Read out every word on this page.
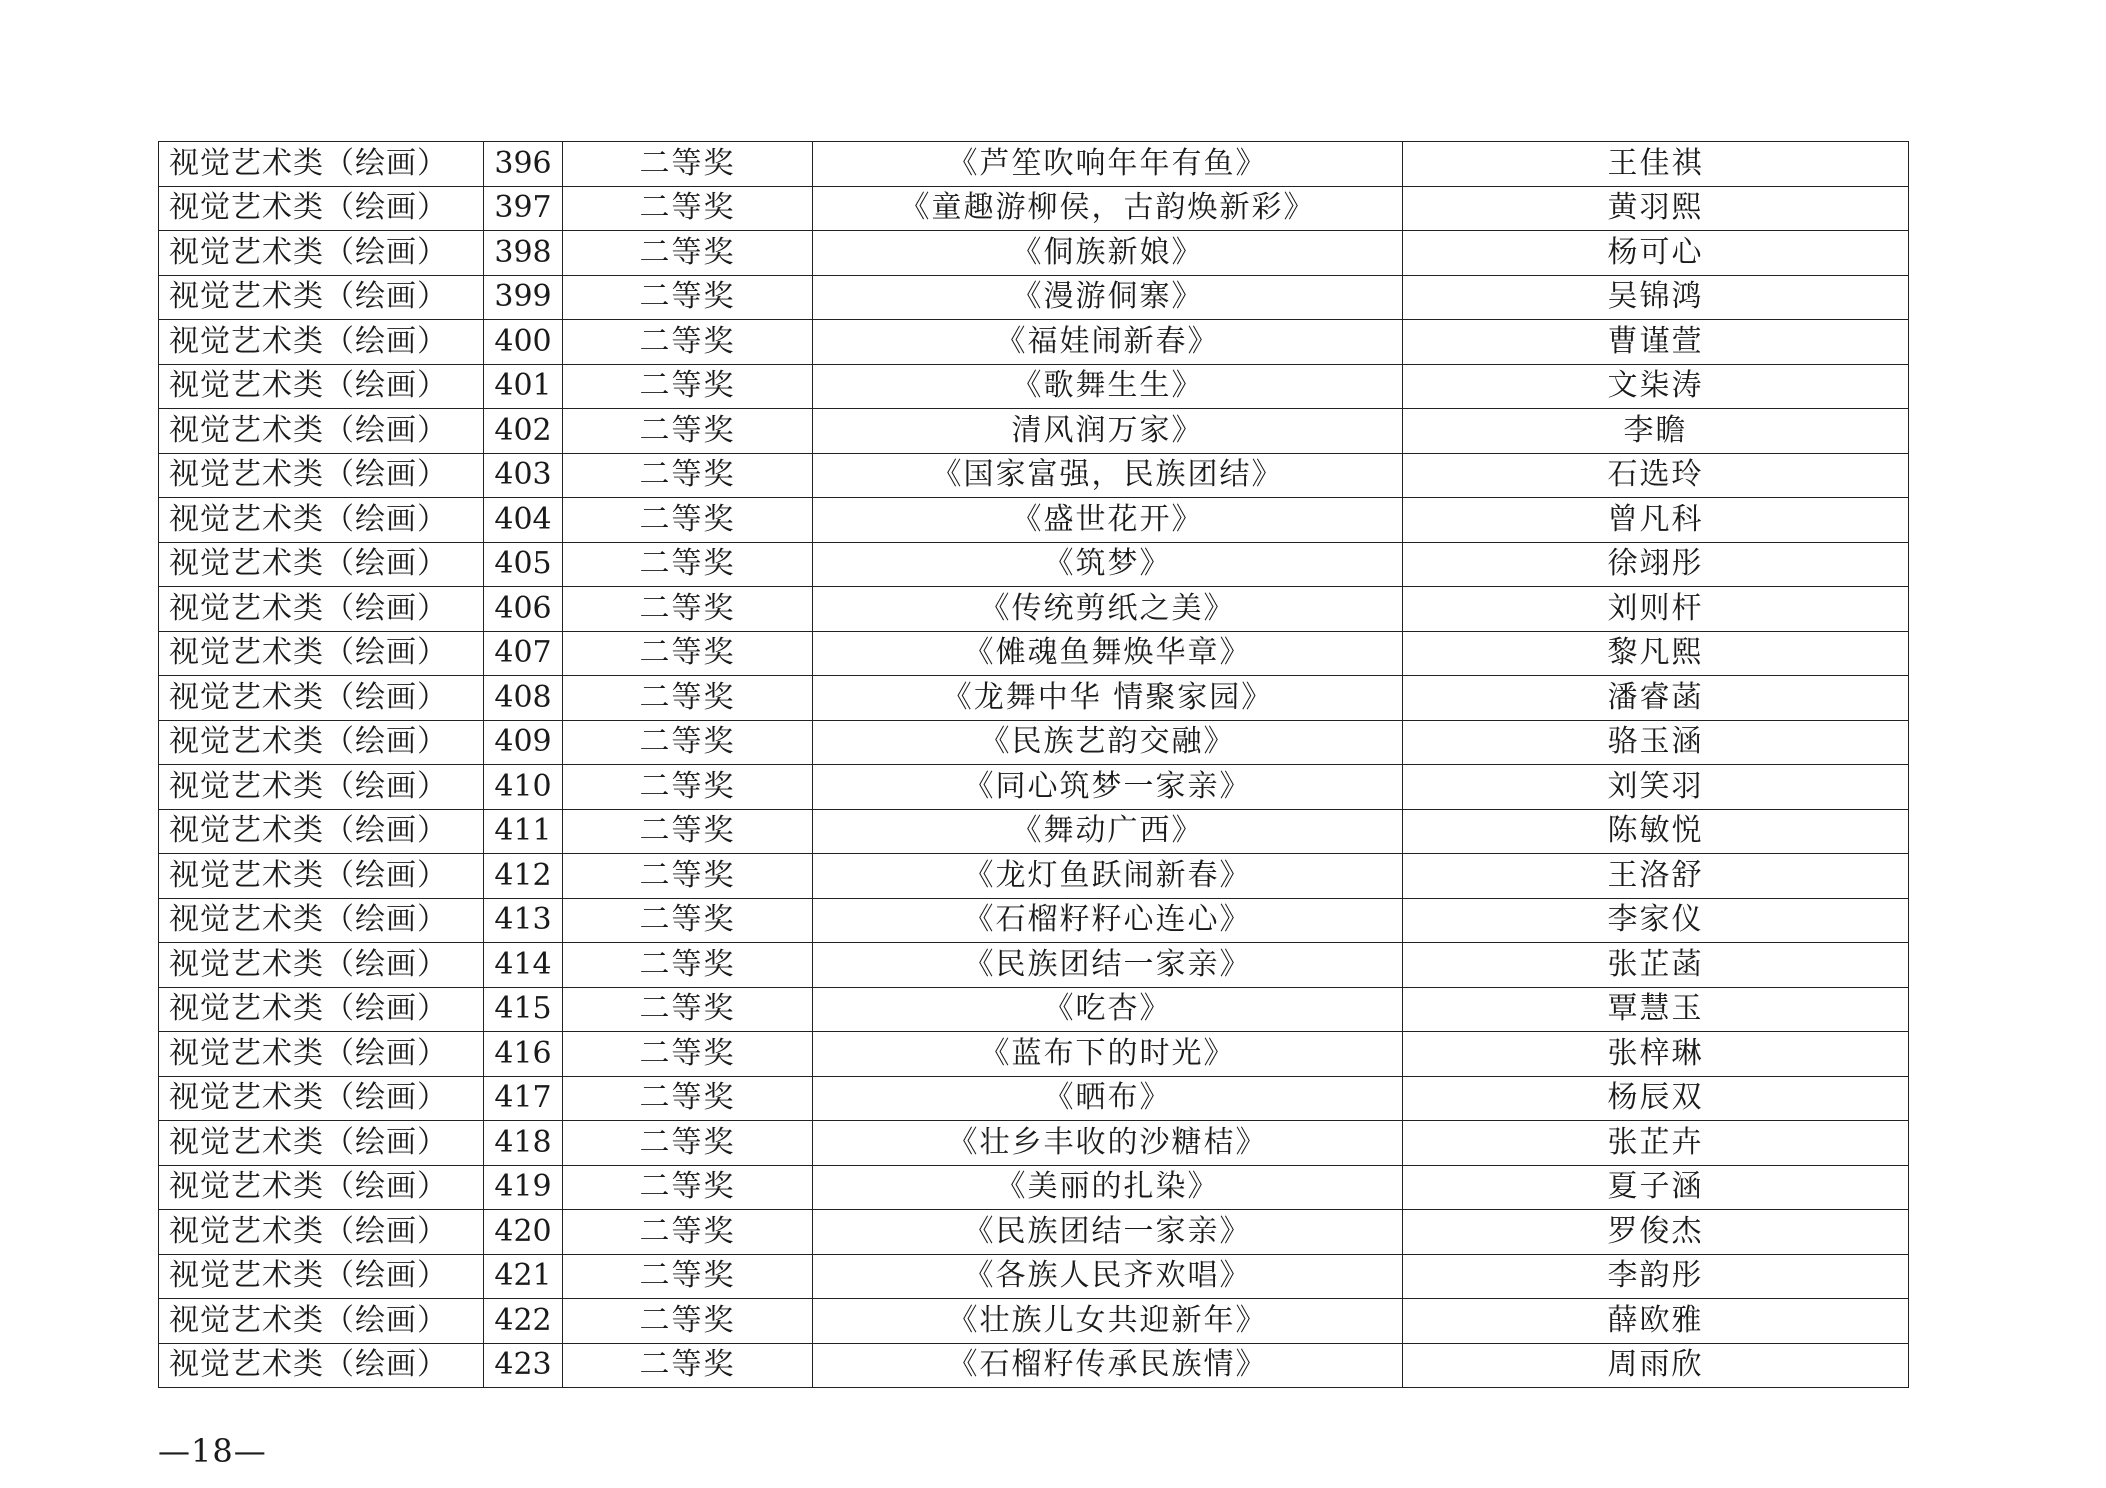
视觉艺术类（绘画）	396	二等奖	《芦笙吹响年年有鱼》	王佳祺
视觉艺术类（绘画）	397	二等奖	《童趣游柳侯，古韵焕新彩》	黄羽熙
视觉艺术类（绘画）	398	二等奖	《侗族新娘》	杨可心
视觉艺术类（绘画）	399	二等奖	《漫游侗寨》	吴锦鸿
视觉艺术类（绘画）	400	二等奖	《福娃闹新春》	曹谨萱
视觉艺术类（绘画）	401	二等奖	《歌舞生生》	文柒涛
视觉艺术类（绘画）	402	二等奖	清风润万家》	李瞻
视觉艺术类（绘画）	403	二等奖	《国家富强，民族团结》	石选玲
视觉艺术类（绘画）	404	二等奖	《盛世花开》	曾凡科
视觉艺术类（绘画）	405	二等奖	《筑梦》	徐翊彤
视觉艺术类（绘画）	406	二等奖	《传统剪纸之美》	刘则杆
视觉艺术类（绘画）	407	二等奖	《傩魂鱼舞焕华章》	黎凡熙
视觉艺术类（绘画）	408	二等奖	《龙舞中华 情聚家园》	潘睿菡
视觉艺术类（绘画）	409	二等奖	《民族艺韵交融》	骆玉涵
视觉艺术类（绘画）	410	二等奖	《同心筑梦一家亲》	刘笑羽
视觉艺术类（绘画）	411	二等奖	《舞动广西》	陈敏悦
视觉艺术类（绘画）	412	二等奖	《龙灯鱼跃闹新春》	王洛舒
视觉艺术类（绘画）	413	二等奖	《石榴籽籽心连心》	李家仪
视觉艺术类（绘画）	414	二等奖	《民族团结一家亲》	张芷菡
视觉艺术类（绘画）	415	二等奖	《吃杏》	覃慧玉
视觉艺术类（绘画）	416	二等奖	《蓝布下的时光》	张梓琳
视觉艺术类（绘画）	417	二等奖	《晒布》	杨辰双
视觉艺术类（绘画）	418	二等奖	《壮乡丰收的沙糖桔》	张芷卉
视觉艺术类（绘画）	419	二等奖	《美丽的扎染》	夏子涵
视觉艺术类（绘画）	420	二等奖	《民族团结一家亲》	罗俊杰
视觉艺术类（绘画）	421	二等奖	《各族人民齐欢唱》	李韵彤
视觉艺术类（绘画）	422	二等奖	《壮族儿女共迎新年》	薛欧雅
视觉艺术类（绘画）	423	二等奖	《石榴籽传承民族情》	周雨欣
—18—
